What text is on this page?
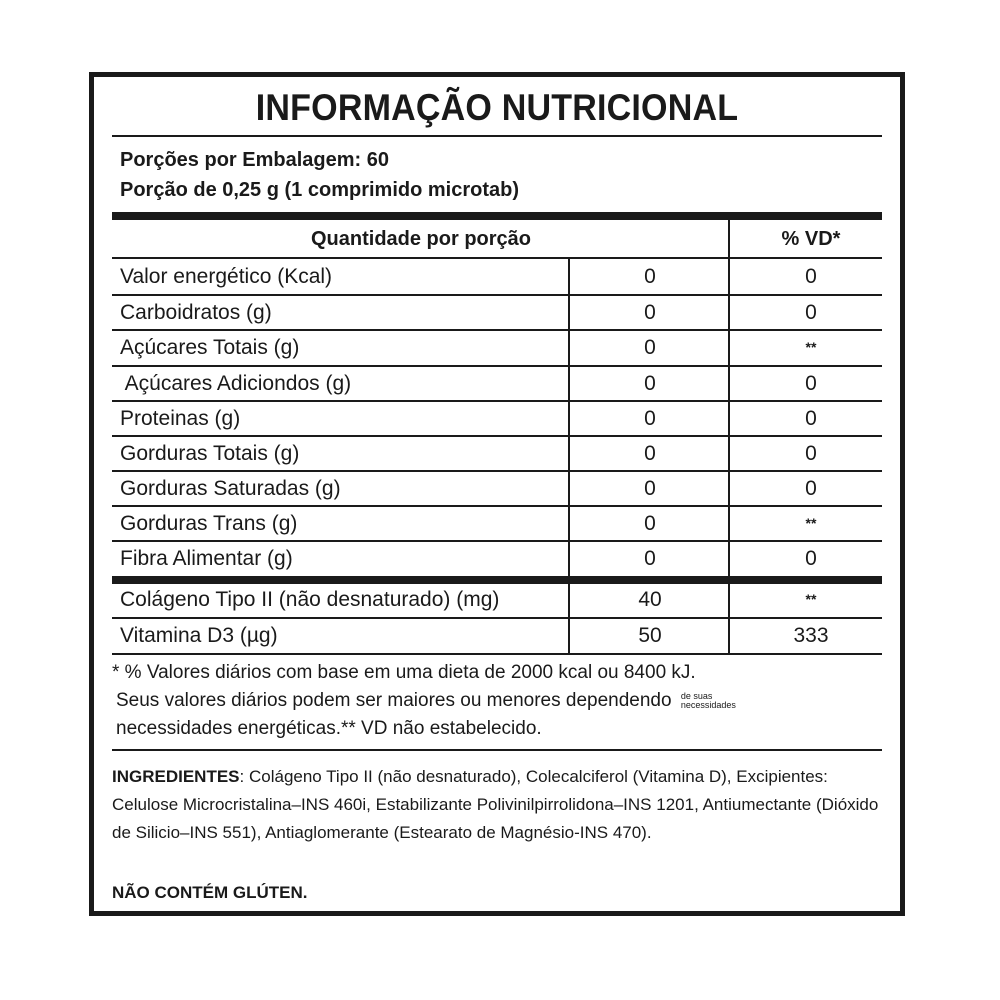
INFORMAÇÃO NUTRICIONAL
Porções por Embalagem: 60
Porção de 0,25 g (1 comprimido microtab)
Quantidade por porção	% VD*
Valor energético (Kcal)	0	0
Carboidratos (g)	0	0
Açúcares Totais (g)	0	**
Açúcares Adiciondos (g)	0	0
Proteinas (g)	0	0
Gorduras Totais (g)	0	0
Gorduras Saturadas (g)	0	0
Gorduras Trans (g)	0	**
Fibra Alimentar (g)	0	0
Colágeno Tipo II (não desnaturado) (mg)	40	**
Vitamina D3 (µg)	50	333
* % Valores diários com base em uma dieta de 2000 kcal ou 8400 kJ.
Seus valores diários podem ser maiores ou menores dependendo de suas
necessidades
necessidades energéticas.** VD não estabelecido.
INGREDIENTES: Colágeno Tipo II (não desnaturado), Colecalciferol (Vitamina D), Excipientes: Celulose Microcristalina–INS 460i, Estabilizante Polivinilpirrolidona–INS 1201, Antiumectante (Dióxido de Silicio–INS 551), Antiaglomerante (Estearato de Magnésio-INS 470).
NÃO CONTÉM GLÚTEN.
